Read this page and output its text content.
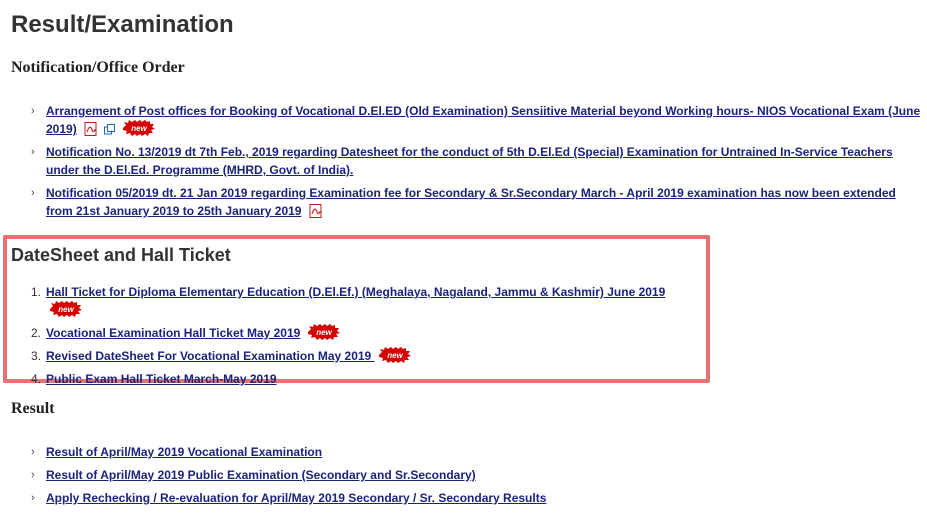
Result/Examination
Notification/Office Order
› Arrangement of Post offices for Booking of Vocational D.El.ED (Old Examination) Sensiitive Material beyond Working hours- NIOS Vocational Exam (June 2019)	new
› Notification No. 13/2019 dt 7th Feb., 2019 regarding Datesheet for the conduct of 5th D.El.Ed (Special) Examination for Untrained In-Service Teachers under the D.El.Ed. Programme (MHRD, Govt. of India).
› Notification 05/2019 dt. 21 Jan 2019 regarding Examination fee for Secondary & Sr.Secondary March - April 2019 examination has now been extended from 21st January 2019 to 25th January 2019
DateSheet and Hall Ticket
1. Hall Ticket for Diploma Elementary Education (D.El.Ef.) (Meghalaya, Nagaland, Jammu & Kashmir) June 2019
new
2. Vocational Examination Hall Ticket May 2019 new
3. Revised DateSheet For Vocational Examination May 2019 new
4. Public Exam Hall Ticket March-May 2019
Result
› Result of April/May 2019 Vocational Examination
› Result of April/May 2019 Public Examination (Secondary and Sr.Secondary)
› Apply Rechecking / Re-evaluation for April/May 2019 Secondary / Sr. Secondary Results
